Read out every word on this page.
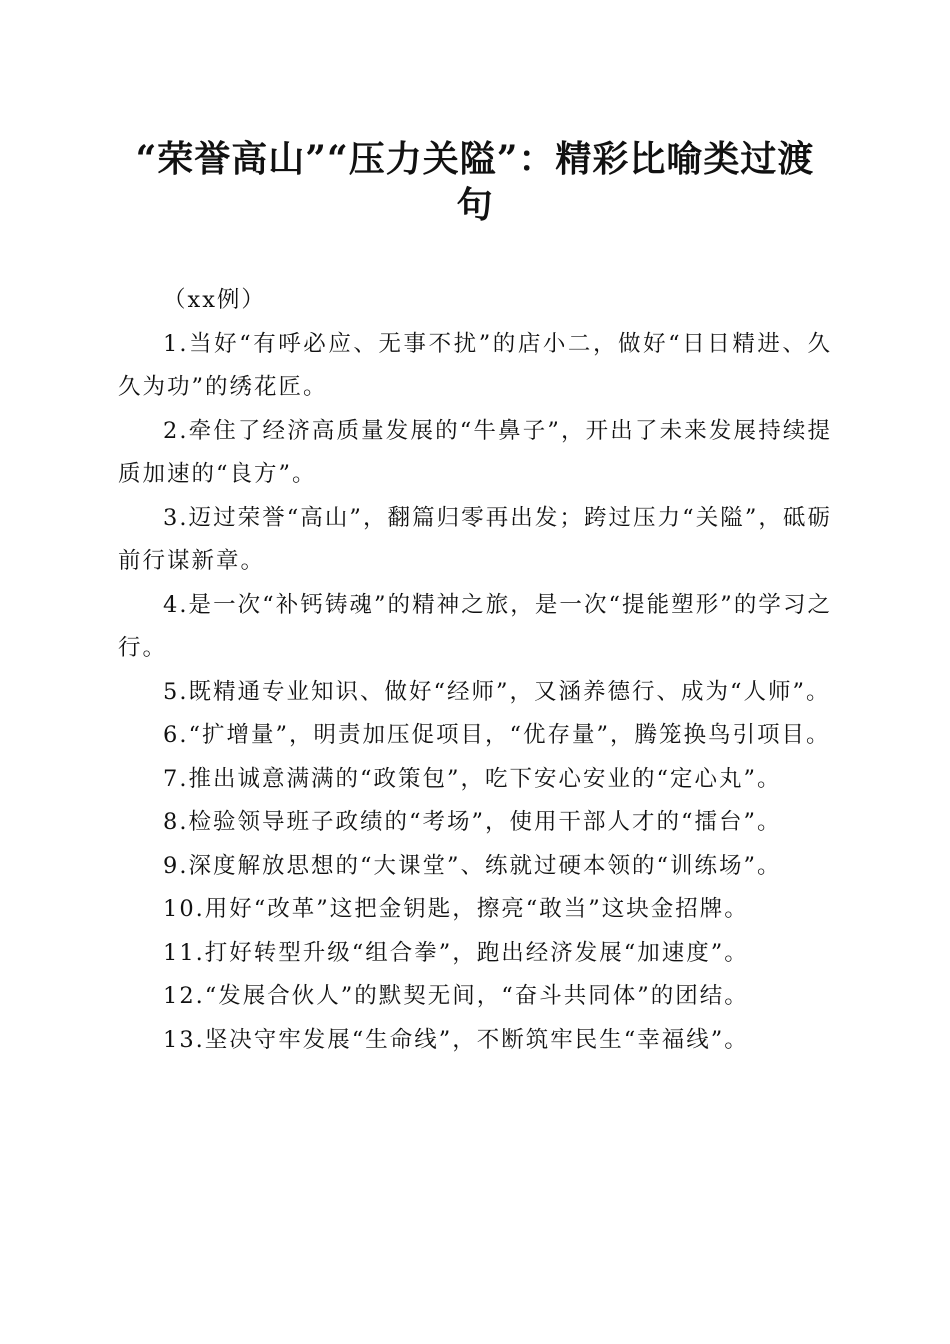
“荣誉高山”“压力关隘”：精彩比喻类过渡句

（xx例）

1.当好“有呼必应、无事不扰”的店小二，做好“日日精进、久久为功”的绣花匠。

2.牵住了经济高质量发展的“牛鼻子”，开出了未来发展持续提质加速的“良方”。

3.迈过荣誉“高山”，翻篇归零再出发；跨过压力“关隘”，砥砺前行谋新章。

4.是一次“补钙铸魂”的精神之旅，是一次“提能塑形”的学习之行。

5.既精通专业知识、做好“经师”，又涵养德行、成为“人师”。

6.“扩增量”，明责加压促项目，“优存量”，腾笼换鸟引项目。

7.推出诚意满满的“政策包”，吃下安心安业的“定心丸”。

8.检验领导班子政绩的“考场”，使用干部人才的“擂台”。

9.深度解放思想的“大课堂”、练就过硬本领的“训练场”。

10.用好“改革”这把金钥匙，擦亮“敢当”这块金招牌。

11.打好转型升级“组合拳”，跑出经济发展“加速度”。

12.“发展合伙人”的默契无间，“奋斗共同体”的团结。

13.坚决守牢发展“生命线”，不断筑牢民生“幸福线”。
